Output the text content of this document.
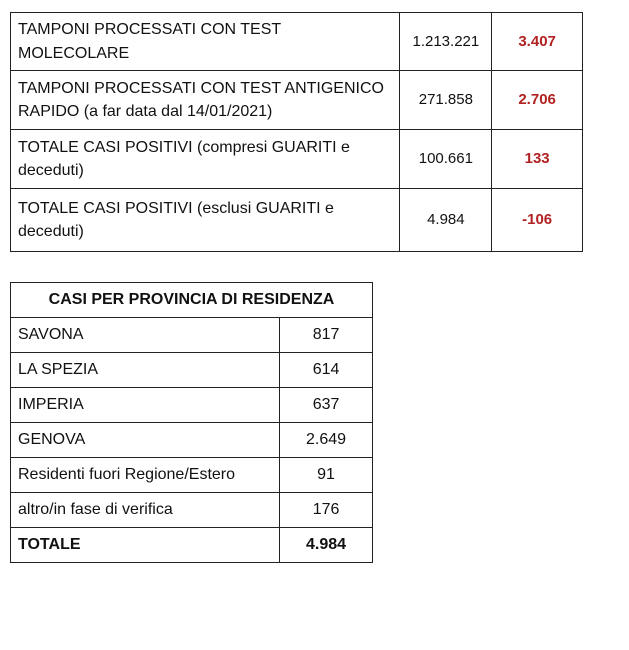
TAMPONI PROCESSATI CON TEST MOLECOLARE	1.213.221	3.407
TAMPONI PROCESSATI CON TEST ANTIGENICO RAPIDO (a far data dal 14/01/2021)	271.858	2.706
TOTALE CASI POSITIVI (compresi GUARITI e deceduti)	100.661	133
TOTALE CASI POSITIVI (esclusi GUARITI e deceduti)	4.984	-106
CASI PER PROVINCIA DI RESIDENZA	
SAVONA	817
LA SPEZIA	614
IMPERIA	637
GENOVA	2.649
Residenti fuori Regione/Estero	91
altro/in fase di verifica	176
TOTALE	4.984
